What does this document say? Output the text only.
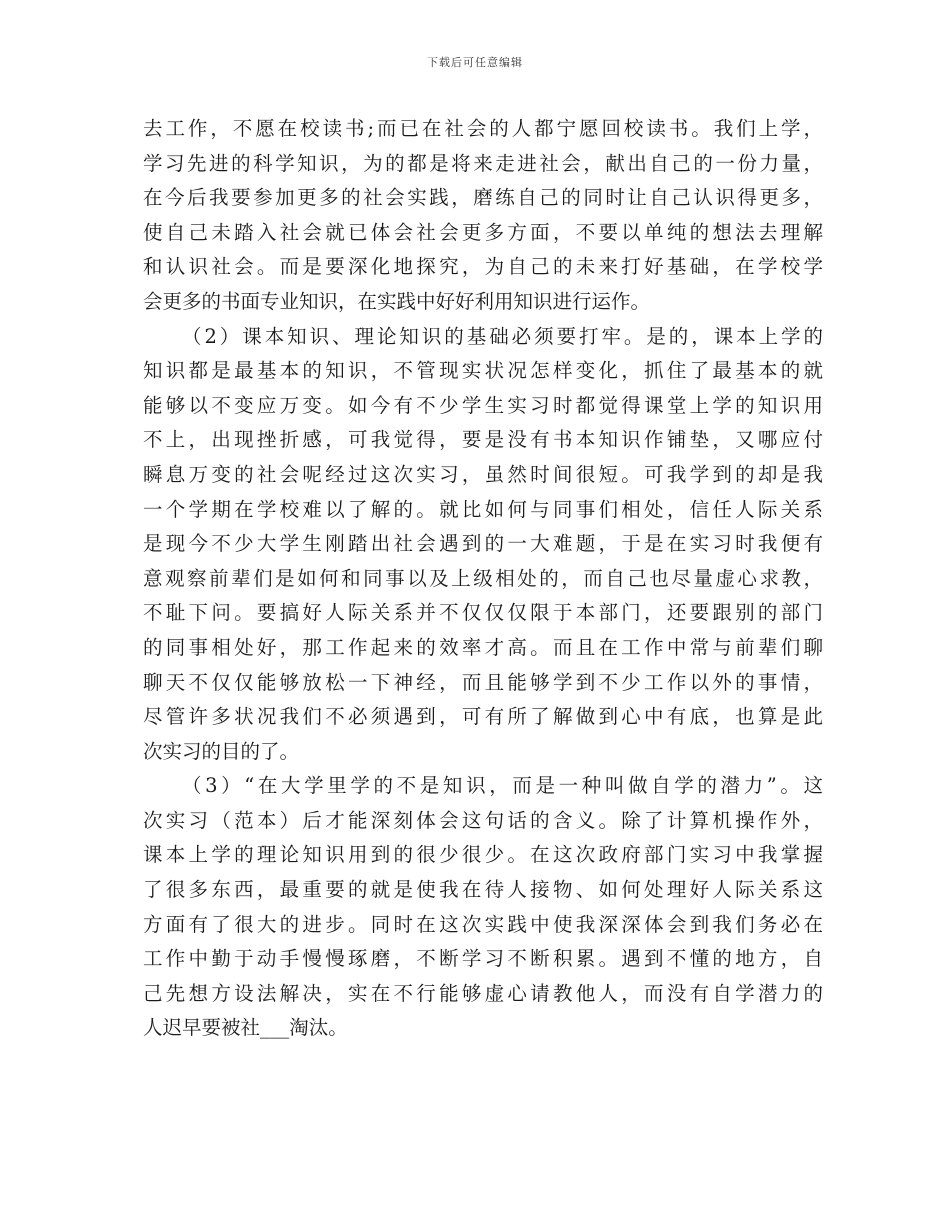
下载后可任意编辑
去工作，不愿在校读书;而已在社会的人都宁愿回校读书。我们上学，
学习先进的科学知识，为的都是将来走进社会，献出自己的一份力量，
在今后我要参加更多的社会实践，磨练自己的同时让自己认识得更多，
使自己未踏入社会就已体会社会更多方面，不要以单纯的想法去理解
和认识社会。而是要深化地探究，为自己的未来打好基础，在学校学
会更多的书面专业知识，在实践中好好利用知识进行运作。
（2）课本知识、理论知识的基础必须要打牢。是的，课本上学的
知识都是最基本的知识，不管现实状况怎样变化，抓住了最基本的就
能够以不变应万变。如今有不少学生实习时都觉得课堂上学的知识用
不上，出现挫折感，可我觉得，要是没有书本知识作铺垫，又哪应付
瞬息万变的社会呢经过这次实习，虽然时间很短。可我学到的却是我
一个学期在学校难以了解的。就比如何与同事们相处，信任人际关系
是现今不少大学生刚踏出社会遇到的一大难题，于是在实习时我便有
意观察前辈们是如何和同事以及上级相处的，而自己也尽量虚心求教，
不耻下问。要搞好人际关系并不仅仅仅限于本部门，还要跟别的部门
的同事相处好，那工作起来的效率才高。而且在工作中常与前辈们聊
聊天不仅仅能够放松一下神经，而且能够学到不少工作以外的事情，
尽管许多状况我们不必须遇到，可有所了解做到心中有底，也算是此
次实习的目的了。
（3）“在大学里学的不是知识，而是一种叫做自学的潜力”。这
次实习（范本）后才能深刻体会这句话的含义。除了计算机操作外，
课本上学的理论知识用到的很少很少。在这次政府部门实习中我掌握
了很多东西，最重要的就是使我在待人接物、如何处理好人际关系这
方面有了很大的进步。同时在这次实践中使我深深体会到我们务必在
工作中勤于动手慢慢琢磨，不断学习不断积累。遇到不懂的地方，自
己先想方设法解决，实在不行能够虚心请教他人，而没有自学潜力的
人迟早要被社___淘汰。
